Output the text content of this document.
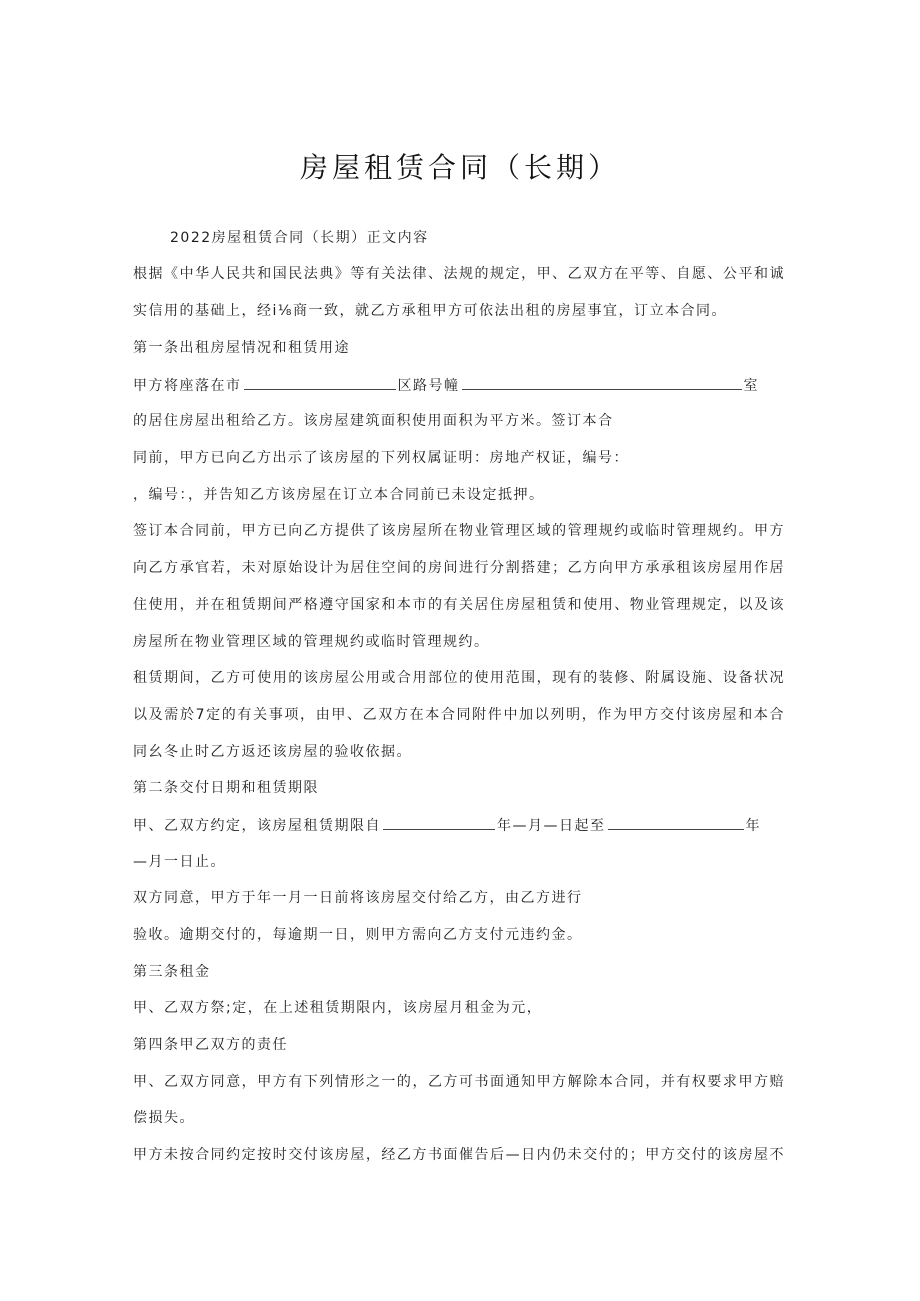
房屋租赁合同（长期）
2022房屋租赁合同（长期）正文内容
根据《中华人民共和国民法典》等有关法律、法规的规定，甲、乙双方在平等、自愿、公平和诚
实信用的基础上，经i⅛商一致，就乙方承租甲方可依法出租的房屋事宜，订立本合同。
第一条出租房屋情况和租赁用途
甲方将座落在市	区路号幢	室
的居住房屋出租给乙方。该房屋建筑面积使用面积为平方米。签订本合
同前，甲方已向乙方出示了该房屋的下列权属证明：房地产权证，编号：
，编号：，并告知乙方该房屋在订立本合同前已未设定抵押。
签订本合同前，甲方已向乙方提供了该房屋所在物业管理区域的管理规约或临时管理规约。甲方
向乙方承官若，未对原始设计为居住空间的房间进行分割搭建；乙方向甲方承承租该房屋用作居
住使用，并在租赁期间严格遵守国家和本市的有关居住房屋租赁和使用、物业管理规定，以及该
房屋所在物业管理区域的管理规约或临时管理规约。
租赁期间，乙方可使用的该房屋公用或合用部位的使用范围，现有的装修、附属设施、设备状况
以及需於7定的有关事项，由甲、乙双方在本合同附件中加以列明，作为甲方交付该房屋和本合
同幺冬止时乙方返还该房屋的验收依据。
第二条交付日期和租赁期限
甲、乙双方约定，该房屋租赁期限自	年—月—日起至	年
—月一日止。
双方同意，甲方于年一月一日前将该房屋交付给乙方，由乙方进行
验收。逾期交付的，每逾期一日，则甲方需向乙方支付元违约金。
第三条租金
甲、乙双方祭;定，在上述租赁期限内，该房屋月租金为元，
第四条甲乙双方的责任
甲、乙双方同意，甲方有下列情形之一的，乙方可书面通知甲方解除本合同，并有权要求甲方赔
偿损失。
甲方未按合同约定按时交付该房屋，经乙方书面催告后—日内仍未交付的；甲方交付的该房屋不
